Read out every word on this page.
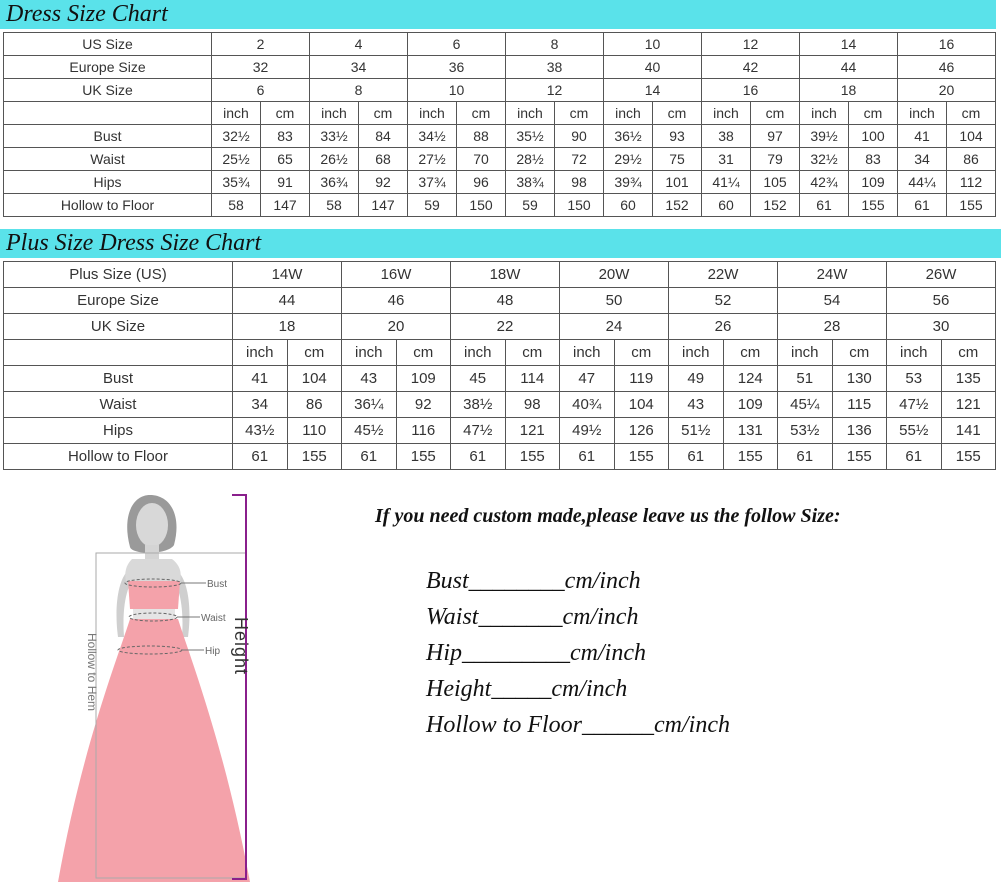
Dress Size Chart
US Size	2		4		6		8		10		12		14		16	
Europe Size	32		34		36		38		40		42		44		46	
UK Size	6		8		10		12		14		16		18		20	
	inch	cm	inch	cm	inch	cm	inch	cm	inch	cm	inch	cm	inch	cm	inch	cm
Bust	32½	83	33½	84	34½	88	35½	90	36½	93	38	97	39½	100	41	104
Waist	25½	65	26½	68	27½	70	28½	72	29½	75	31	79	32½	83	34	86
Hips	35¾	91	36¾	92	37¾	96	38¾	98	39¾	101	41¼	105	42¾	109	44¼	112
Hollow to Floor	58	147	58	147	59	150	59	150	60	152	60	152	61	155	61	155
Plus Size Dress Size Chart
Plus Size (US)	14W		16W		18W		20W		22W		24W		26W	
Europe Size	44		46		48		50		52		54		56	
UK Size	18		20		22		24		26		28		30	
	inch	cm	inch	cm	inch	cm	inch	cm	inch	cm	inch	cm	inch	cm
Bust	41	104	43	109	45	114	47	119	49	124	51	130	53	135
Waist	34	86	36¼	92	38½	98	40¾	104	43	109	45¼	115	47½	121
Hips	43½	110	45½	116	47½	121	49½	126	51½	131	53½	136	55½	141
Hollow to Floor	61	155	61	155	61	155	61	155	61	155	61	155	61	155
Bust
Waist
Hip
Hollow to Hem	Height
If you need custom made,please leave us the follow Size:
Bust________cm/inch
Waist_______cm/inch
Hip_________cm/inch
Height_____cm/inch
Hollow to Floor______cm/inch
